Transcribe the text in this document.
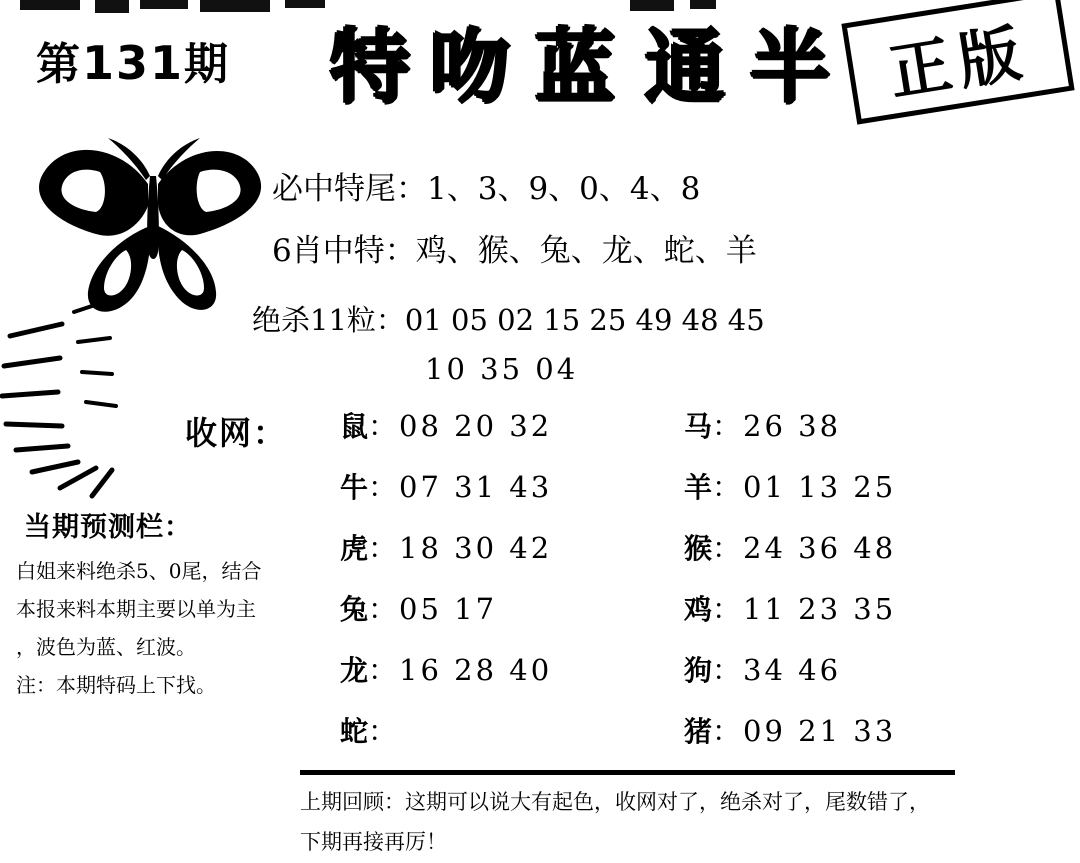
第131期 特 吻 蓝 通 半 正版
必中特尾：1、3、9、0、4、8
6肖中特：鸡、猴、兔、龙、蛇、羊
绝杀11粒：01 05 02 15 25 49 48 45
10 35 04
收网： 鼠 ： 08 20 32	马 ： 26 38
牛 ： 07 31 43	羊 ： 01 13 25
虎 ： 18 30 42	猴 ： 24 36 48
兔 ： 05 17	鸡 ： 11 23 35
龙 ： 16 28 40	狗 ： 34 46
蛇 ：	猪 ： 09 21 33
当期预测栏：
白姐来料绝杀5、0尾，结合
本报来料本期主要以单为主
，波色为蓝、红波。
注：本期特码上下找。
上期回顾：这期可以说大有起色，收网对了，绝杀对了，尾数错了，
下期再接再厉！
